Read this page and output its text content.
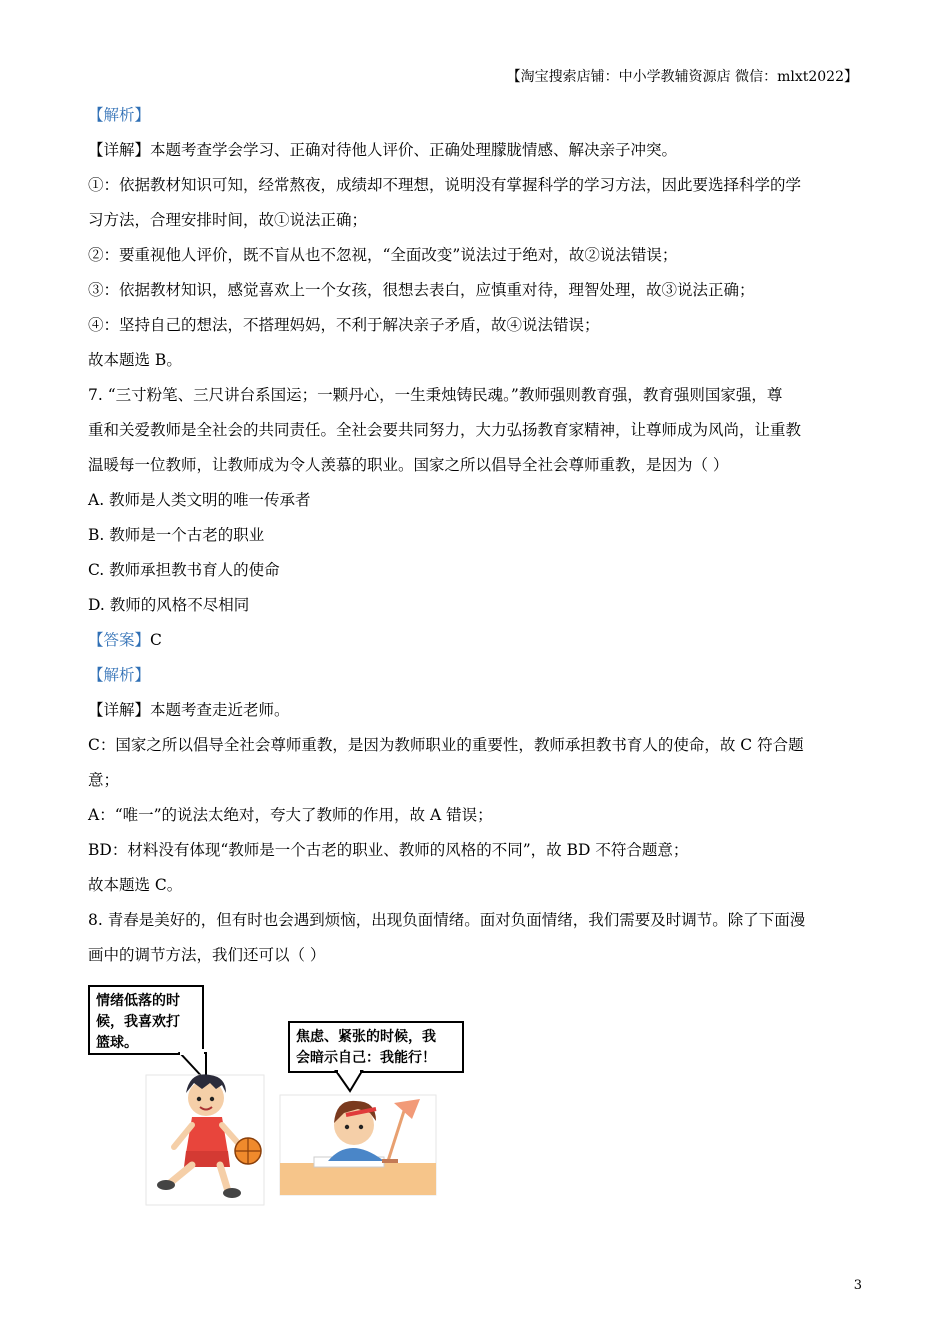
【淘宝搜索店铺：中小学教辅资源店 微信：mlxt2022】
【解析】
【详解】本题考查学会学习、正确对待他人评价、正确处理朦胧情感、解决亲子冲突。
①：依据教材知识可知，经常熬夜，成绩却不理想，说明没有掌握科学的学习方法，因此要选择科学的学
习方法，合理安排时间，故①说法正确；
②：要重视他人评价，既不盲从也不忽视，“全面改变”说法过于绝对，故②说法错误；
③：依据教材知识，感觉喜欢上一个女孩，很想去表白，应慎重对待，理智处理，故③说法正确；
④：坚持自己的想法，不搭理妈妈，不利于解决亲子矛盾，故④说法错误；
故本题选 B。
7. “三寸粉笔、三尺讲台系国运；一颗丹心，一生秉烛铸民魂。”教师强则教育强，教育强则国家强，尊
重和关爱教师是全社会的共同责任。全社会要共同努力，大力弘扬教育家精神，让尊师成为风尚，让重教
温暖每一位教师，让教师成为令人羡慕的职业。国家之所以倡导全社会尊师重教，是因为（ ）
A. 教师是人类文明的唯一传承者
B. 教师是一个古老的职业
C. 教师承担教书育人的使命
D. 教师的风格不尽相同
【答案】C
【解析】
【详解】本题考查走近老师。
C：国家之所以倡导全社会尊师重教，是因为教师职业的重要性，教师承担教书育人的使命，故 C 符合题
意；
A：“唯一”的说法太绝对，夸大了教师的作用，故 A 错误；
BD：材料没有体现“教师是一个古老的职业、教师的风格的不同”，故 BD 不符合题意；
故本题选 C。
8. 青春是美好的，但有时也会遇到烦恼，出现负面情绪。面对负面情绪，我们需要及时调节。除了下面漫
画中的调节方法，我们还可以（ ）
情绪低落的时
候，我喜欢打
篮球。	焦虑、紧张的时候，我
会暗示自己：我能行！
3
